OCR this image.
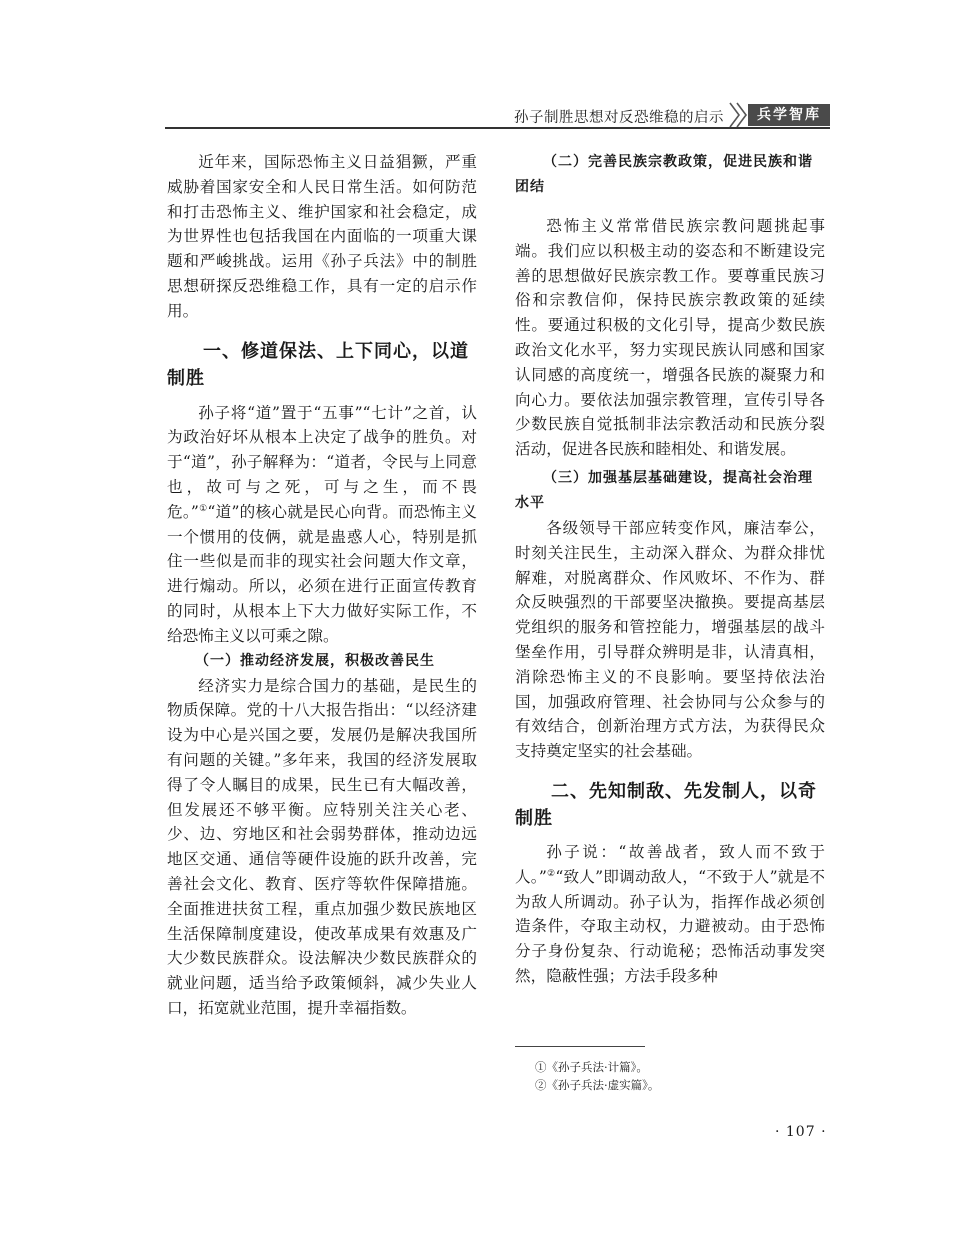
孙子制胜思想对反恐维稳的启示	兵学智库

近年来，国际恐怖主义日益猖獗，严重威胁着国家安全和人民日常生活。如何防范和打击恐怖主义、维护国家和社会稳定，成为世界性也包括我国在内面临的一项重大课题和严峻挑战。运用《孙子兵法》中的制胜思想研探反恐维稳工作，具有一定的启示作用。

一、修道保法、上下同心，以道制胜

孙子将“道”置于“五事”“七计”之首，认为政治好坏从根本上决定了战争的胜负。对于“道”，孙子解释为：“道者，令民与上同意也，故可与之死，可与之生，而不畏危。”①“道”的核心就是民心向背。而恐怖主义一个惯用的伎俩，就是蛊惑人心，特别是抓住一些似是而非的现实社会问题大作文章，进行煽动。所以，必须在进行正面宣传教育的同时，从根本上下大力做好实际工作，不给恐怖主义以可乘之隙。

（一）推动经济发展，积极改善民生

经济实力是综合国力的基础，是民生的物质保障。党的十八大报告指出：“以经济建设为中心是兴国之要，发展仍是解决我国所有问题的关键。”多年来，我国的经济发展取得了令人瞩目的成果，民生已有大幅改善，但发展还不够平衡。应特别关注关心老、少、边、穷地区和社会弱势群体，推动边远地区交通、通信等硬件设施的跃升改善，完善社会文化、教育、医疗等软件保障措施。全面推进扶贫工程，重点加强少数民族地区生活保障制度建设，使改革成果有效惠及广大少数民族群众。设法解决少数民族群众的就业问题，适当给予政策倾斜，减少失业人口，拓宽就业范围，提升幸福指数。

（二）完善民族宗教政策，促进民族和谐团结

恐怖主义常常借民族宗教问题挑起事端。我们应以积极主动的姿态和不断建设完善的思想做好民族宗教工作。要尊重民族习俗和宗教信仰，保持民族宗教政策的延续性。要通过积极的文化引导，提高少数民族政治文化水平，努力实现民族认同感和国家认同感的高度统一，增强各民族的凝聚力和向心力。要依法加强宗教管理，宣传引导各少数民族自觉抵制非法宗教活动和民族分裂活动，促进各民族和睦相处、和谐发展。

（三）加强基层基础建设，提高社会治理水平

各级领导干部应转变作风，廉洁奉公，时刻关注民生，主动深入群众、为群众排忧解难，对脱离群众、作风败坏、不作为、群众反映强烈的干部要坚决撤换。要提高基层党组织的服务和管控能力，增强基层的战斗堡垒作用，引导群众辨明是非，认清真相，消除恐怖主义的不良影响。要坚持依法治国，加强政府管理、社会协同与公众参与的有效结合，创新治理方式方法，为获得民众支持奠定坚实的社会基础。

二、先知制敌、先发制人，以奇制胜

孙子说：“故善战者，致人而不致于人。”②“致人”即调动敌人，“不致于人”就是不为敌人所调动。孙子认为，指挥作战必须创造条件，夺取主动权，力避被动。由于恐怖分子身份复杂、行动诡秘；恐怖活动事发突然，隐蔽性强；方法手段多种

①《孙子兵法·计篇》。
②《孙子兵法·虚实篇》。
· 107 ·
